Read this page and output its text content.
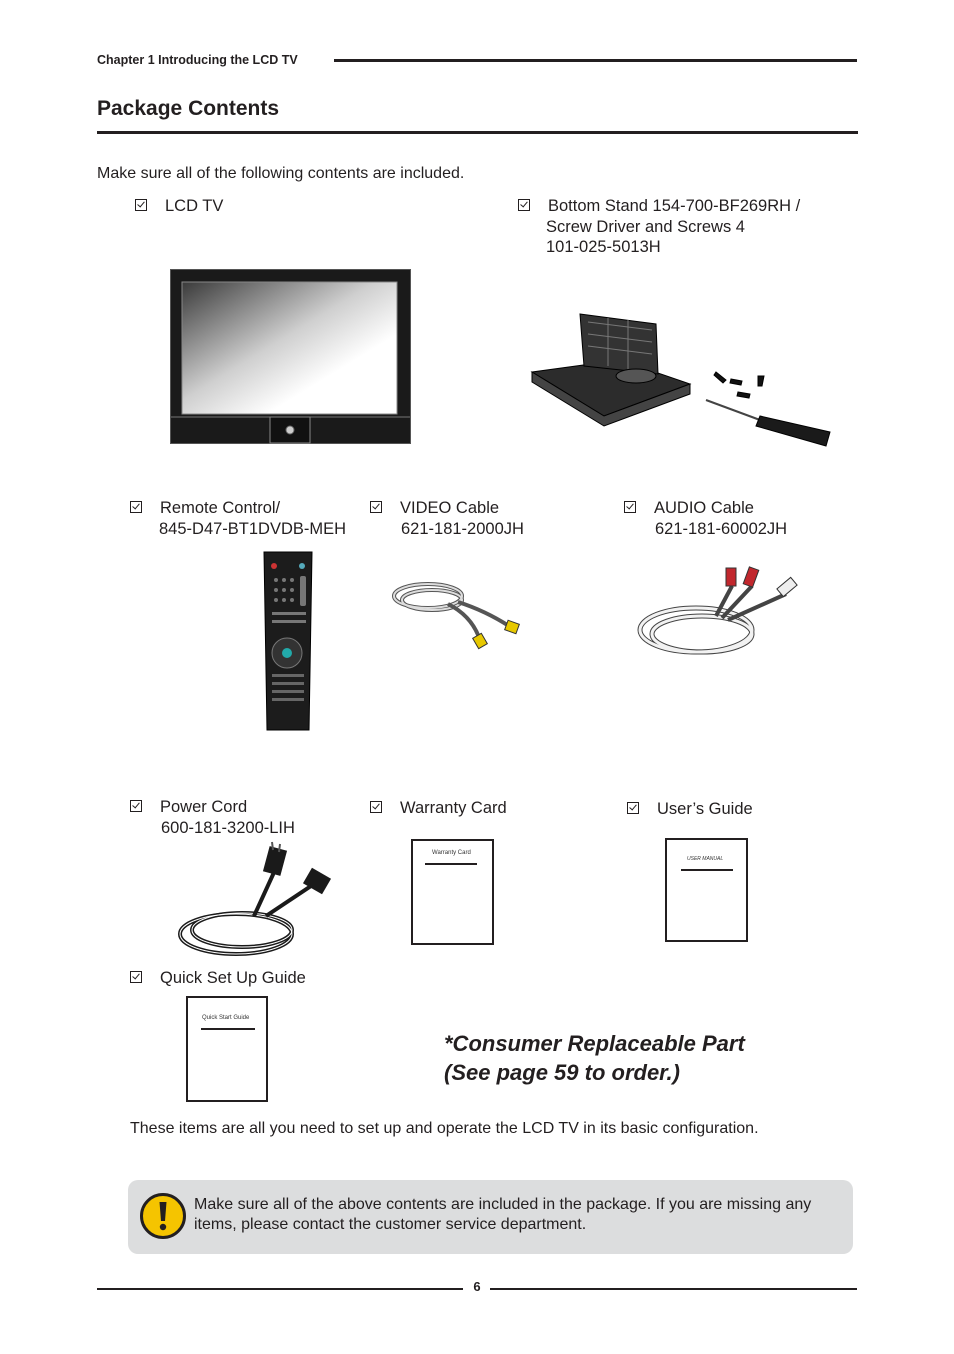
Chapter 1 Introducing the LCD TV
Package Contents
Make sure all of the following contents are included.
LCD TV	Bottom Stand 154-700-BF269RH /
Screw Driver and Screws 4
101-025-5013H
Remote Control/
845-D47-BT1DVDB-MEH
VIDEO Cable
621-181-2000JH
AUDIO Cable
621-181-60002JH
Power Cord
600-181-3200-LIH
Warranty Card
Warranty Card
User’s Guide
USER MANUAL
Quick Set Up Guide
Quick Start Guide
*Consumer Replaceable Part
(See page 59 to order.)
These items are all you need to set up and operate the LCD TV in its basic configuration.
Make sure all of the above contents are included in the package. If you are missing any items, please contact the customer service department.
6
